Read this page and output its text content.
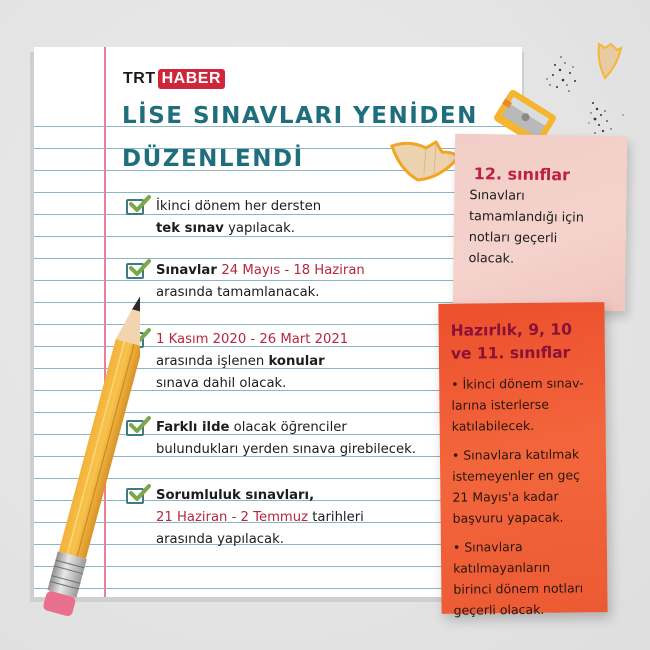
TRT HABER
LİSE SINAVLARI YENİDEN
DÜZENLENDİ
İkinci dönem her dersten
tek sınav yapılacak.
Sınavlar 24 Mayıs - 18 Haziran
arasında tamamlanacak.
1 Kasım 2020 - 26 Mart 2021
arasında işlenen konular
sınava dahil olacak.
Farklı ilde olacak öğrenciler
bulundukları yerden sınava girebilecek.
Sorumluluk sınavları,
21 Haziran - 2 Temmuz tarihleri
arasında yapılacak.
12. sınıflar
Sınavları
tamamlandığı için
notları geçerli
olacak.
Hazırlık, 9, 10
ve 11. sınıflar
• İkinci dönem sınav-
larına isterlerse
katılabilecek.
• Sınavlara katılmak
istemeyenler en geç
21 Mayıs'a kadar
başvuru yapacak.
• Sınavlara
katılmayanların
birinci dönem notları
geçerli olacak.
